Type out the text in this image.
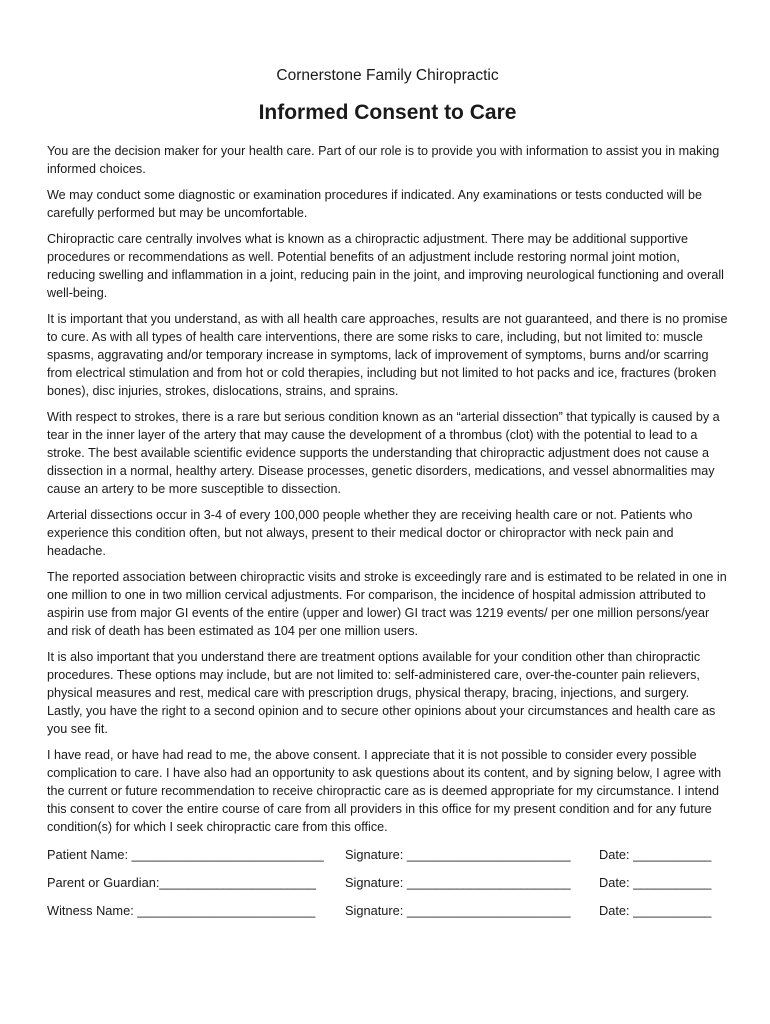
Cornerstone Family Chiropractic

Informed Consent to Care

You are the decision maker for your health care. Part of our role is to provide you with information to assist you in making informed choices.

We may conduct some diagnostic or examination procedures if indicated. Any examinations or tests conducted will be carefully performed but may be uncomfortable.

Chiropractic care centrally involves what is known as a chiropractic adjustment. There may be additional supportive procedures or recommendations as well. Potential benefits of an adjustment include restoring normal joint motion, reducing swelling and inflammation in a joint, reducing pain in the joint, and improving neurological functioning and overall well-being.

It is important that you understand, as with all health care approaches, results are not guaranteed, and there is no promise to cure. As with all types of health care interventions, there are some risks to care, including, but not limited to: muscle spasms, aggravating and/or temporary increase in symptoms, lack of improvement of symptoms, burns and/or scarring from electrical stimulation and from hot or cold therapies, including but not limited to hot packs and ice, fractures (broken bones), disc injuries, strokes, dislocations, strains, and sprains.

With respect to strokes, there is a rare but serious condition known as an “arterial dissection” that typically is caused by a tear in the inner layer of the artery that may cause the development of a thrombus (clot) with the potential to lead to a stroke. The best available scientific evidence supports the understanding that chiropractic adjustment does not cause a dissection in a normal, healthy artery. Disease processes, genetic disorders, medications, and vessel abnormalities may cause an artery to be more susceptible to dissection.

Arterial dissections occur in 3-4 of every 100,000 people whether they are receiving health care or not. Patients who experience this condition often, but not always, present to their medical doctor or chiropractor with neck pain and headache.

The reported association between chiropractic visits and stroke is exceedingly rare and is estimated to be related in one in one million to one in two million cervical adjustments. For comparison, the incidence of hospital admission attributed to aspirin use from major GI events of the entire (upper and lower) GI tract was 1219 events/ per one million persons/year and risk of death has been estimated as 104 per one million users.

It is also important that you understand there are treatment options available for your condition other than chiropractic procedures. These options may include, but are not limited to: self-administered care, over-the-counter pain relievers, physical measures and rest, medical care with prescription drugs, physical therapy, bracing, injections, and surgery. Lastly, you have the right to a second opinion and to secure other opinions about your circumstances and health care as you see fit.

I have read, or have had read to me, the above consent. I appreciate that it is not possible to consider every possible complication to care. I have also had an opportunity to ask questions about its content, and by signing below, I agree with the current or future recommendation to receive chiropractic care as is deemed appropriate for my circumstance. I intend this consent to cover the entire course of care from all providers in this office for my present condition and for any future condition(s) for which I seek chiropractic care from this office.

Patient Name: ___________________________	Signature: _______________________	Date: ___________
Parent or Guardian:______________________	Signature: _______________________	Date: ___________
Witness Name: _________________________	Signature: _______________________	Date: ___________
